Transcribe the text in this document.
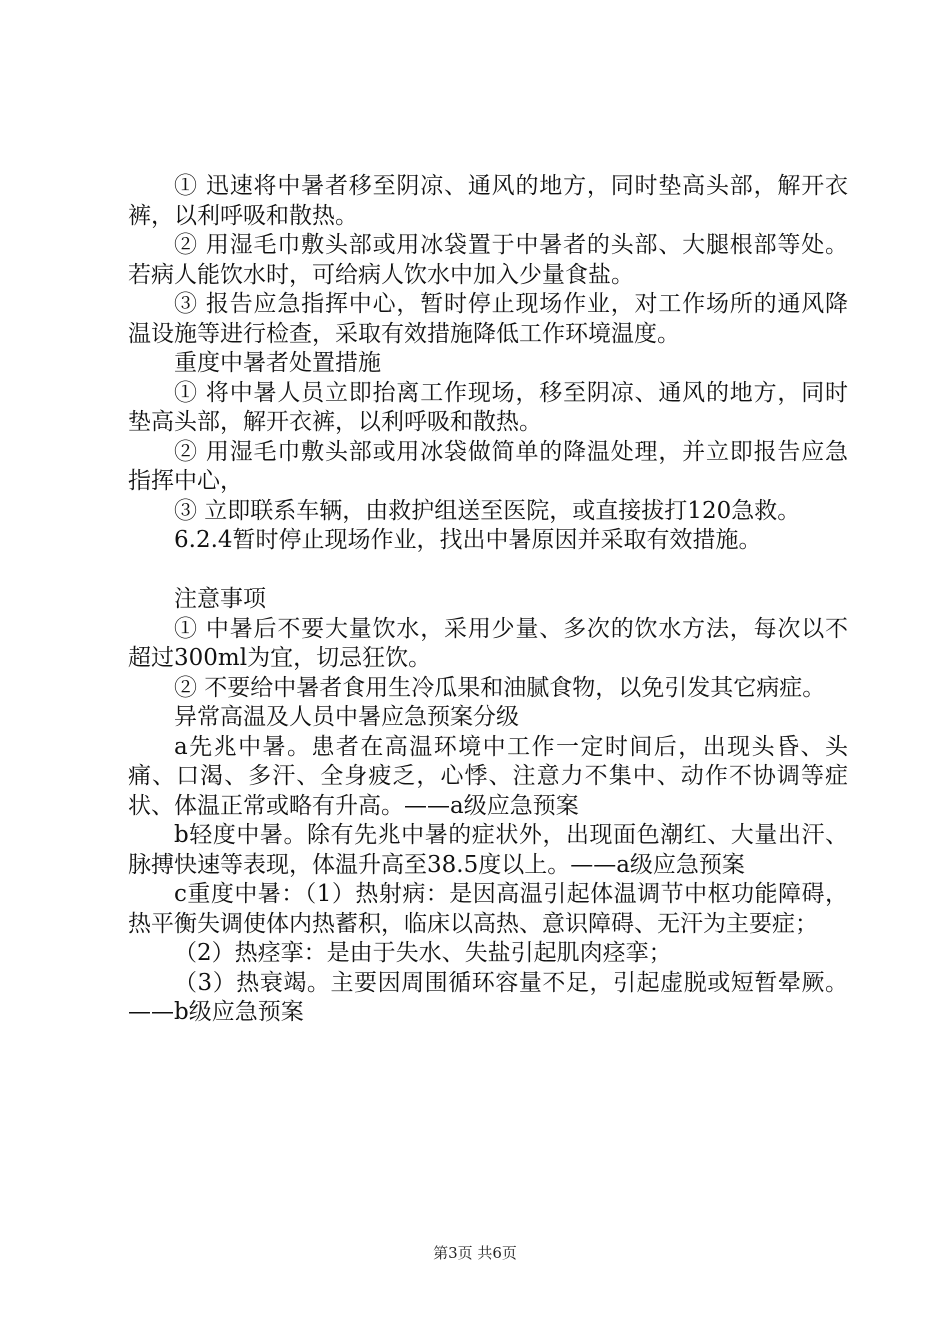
① 迅速将中暑者移至阴凉、通风的地方，同时垫高头部，解开衣裤，以利呼吸和散热。

② 用湿毛巾敷头部或用冰袋置于中暑者的头部、大腿根部等处。若病人能饮水时，可给病人饮水中加入少量食盐。

③ 报告应急指挥中心，暂时停止现场作业，对工作场所的通风降温设施等进行检查，采取有效措施降低工作环境温度。

重度中暑者处置措施

① 将中暑人员立即抬离工作现场，移至阴凉、通风的地方，同时垫高头部，解开衣裤，以利呼吸和散热。

② 用湿毛巾敷头部或用冰袋做简单的降温处理，并立即报告应急指挥中心，

③ 立即联系车辆，由救护组送至医院，或直接拔打120急救。

6.2.4暂时停止现场作业，找出中暑原因并采取有效措施。

注意事项

① 中暑后不要大量饮水，采用少量、多次的饮水方法，每次以不超过300ml为宜，切忌狂饮。

② 不要给中暑者食用生冷瓜果和油腻食物，以免引发其它病症。

异常高温及人员中暑应急预案分级

a先兆中暑。患者在高温环境中工作一定时间后，出现头昏、头痛、口渴、多汗、全身疲乏，心悸、注意力不集中、动作不协调等症状、体温正常或略有升高。——a级应急预案

b轻度中暑。除有先兆中暑的症状外，出现面色潮红、大量出汗、脉搏快速等表现，体温升高至38.5度以上。——a级应急预案

c重度中暑：（1）热射病：是因高温引起体温调节中枢功能障碍，热平衡失调使体内热蓄积，临床以高热、意识障碍、无汗为主要症；

（2）热痉挛：是由于失水、失盐引起肌肉痉挛；

（3）热衰竭。主要因周围循环容量不足，引起虚脱或短暂晕厥。——b级应急预案

第3页 共6页
